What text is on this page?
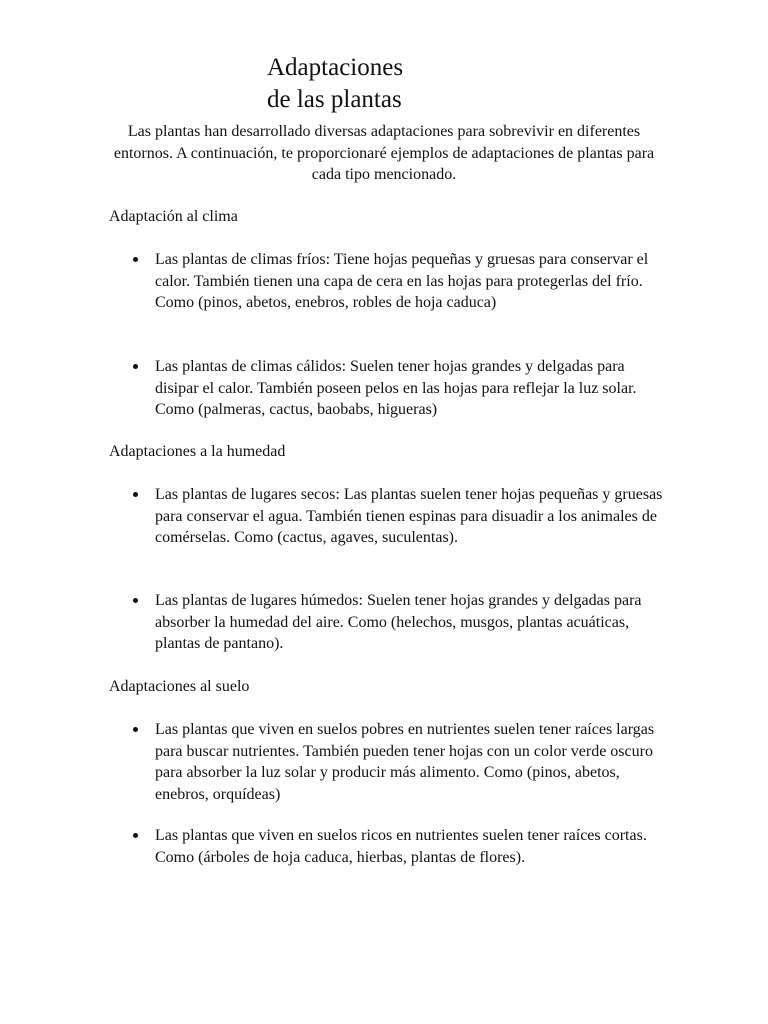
Adaptaciones
de las plantas

Las plantas han desarrollado diversas adaptaciones para sobrevivir en diferentes entornos. A continuación, te proporcionaré ejemplos de adaptaciones de plantas para cada tipo mencionado.

Adaptación al clima
Las plantas de climas fríos: Tiene hojas pequeñas y gruesas para conservar el calor. También tienen una capa de cera en las hojas para protegerlas del frío. Como (pinos, abetos, enebros, robles de hoja caduca)
Las plantas de climas cálidos: Suelen tener hojas grandes y delgadas para disipar el calor. También poseen pelos en las hojas para reflejar la luz solar. Como (palmeras, cactus, baobabs, higueras)
Adaptaciones a la humedad
Las plantas de lugares secos: Las plantas suelen tener hojas pequeñas y gruesas para conservar el agua. También tienen espinas para disuadir a los animales de comérselas. Como (cactus, agaves, suculentas).
Las plantas de lugares húmedos: Suelen tener hojas grandes y delgadas para absorber la humedad del aire. Como (helechos, musgos, plantas acuáticas, plantas de pantano).
Adaptaciones al suelo
Las plantas que viven en suelos pobres en nutrientes suelen tener raíces largas para buscar nutrientes. También pueden tener hojas con un color verde oscuro para absorber la luz solar y producir más alimento. Como (pinos, abetos, enebros, orquídeas)
Las plantas que viven en suelos ricos en nutrientes suelen tener raíces cortas. Como (árboles de hoja caduca, hierbas, plantas de flores).
